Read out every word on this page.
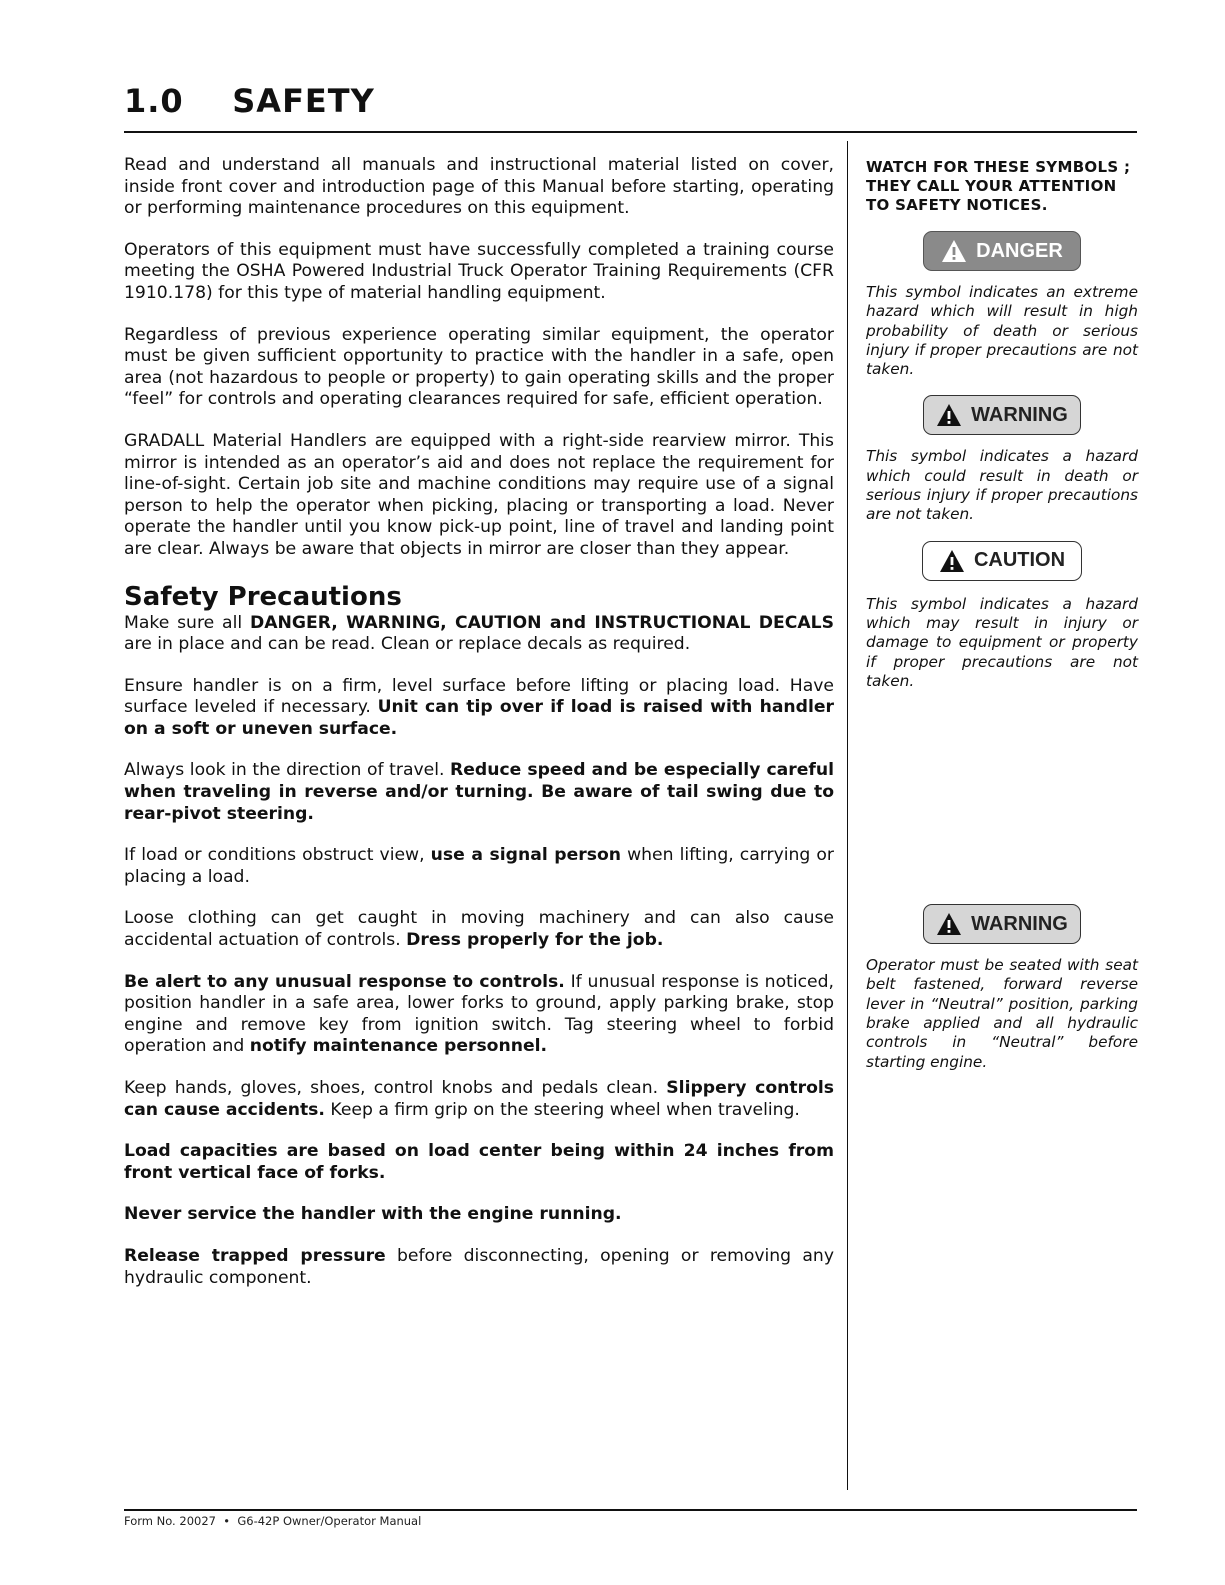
1.0    SAFETY

Read and understand all manuals and instructional material listed on cover, inside front cover and introduction page of this Manual before starting, operating or performing maintenance procedures on this equipment.

Operators of this equipment must have successfully completed a training course meeting the OSHA Powered Industrial Truck Operator Training Requirements (CFR 1910.178) for this type of material handling equipment.

Regardless of previous experience operating similar equipment, the operator must be given sufficient opportunity to practice with the handler in a safe, open area (not hazardous to people or property) to gain operating skills and the proper “feel” for controls and operating clearances required for safe, efficient operation.

GRADALL Material Handlers are equipped with a right-side rearview mirror. This mirror is intended as an operator’s aid and does not replace the requirement for line-of-sight. Certain job site and machine conditions may require use of a signal person to help the operator when picking, placing or transporting a load. Never operate the handler until you know pick-up point, line of travel and landing point are clear. Always be aware that objects in mirror are closer than they appear.

Safety Precautions

Make sure all DANGER, WARNING, CAUTION and INSTRUCTIONAL DECALS are in place and can be read. Clean or replace decals as required.

Ensure handler is on a firm, level surface before lifting or placing load. Have surface leveled if necessary. Unit can tip over if load is raised with handler on a soft or uneven surface.

Always look in the direction of travel. Reduce speed and be especially careful when traveling in reverse and/or turning. Be aware of tail swing due to rear-pivot steering.

If load or conditions obstruct view, use a signal person when lifting, carrying or placing a load.

Loose clothing can get caught in moving machinery and can also cause accidental actuation of controls. Dress properly for the job.

Be alert to any unusual response to controls. If unusual response is noticed, position handler in a safe area, lower forks to ground, apply parking brake, stop engine and remove key from ignition switch. Tag steering wheel to forbid operation and notify maintenance personnel.

Keep hands, gloves, shoes, control knobs and pedals clean. Slippery controls can cause accidents. Keep a firm grip on the steering wheel when traveling.

Load capacities are based on load center being within 24 inches from front vertical face of forks.

Never service the handler with the engine running.

Release trapped pressure before disconnecting, opening or removing any hydraulic component.

WATCH FOR THESE SYMBOLS ; THEY CALL YOUR ATTENTION TO SAFETY NOTICES.
DANGER

This symbol indicates an extreme hazard which will result in high probability of death or serious injury if proper precautions are not taken.

WARNING

This symbol indicates a hazard which could result in death or serious injury if proper precautions are not taken.

CAUTION

This symbol indicates a hazard which may result in injury or damage to equipment or property if proper precautions are not taken.

WARNING

Operator must be seated with seat belt fastened, forward reverse lever in “Neutral” position, parking brake applied and all hydraulic controls in “Neutral” before starting engine.

Form No. 20027  •  G6-42P Owner/Operator Manual
